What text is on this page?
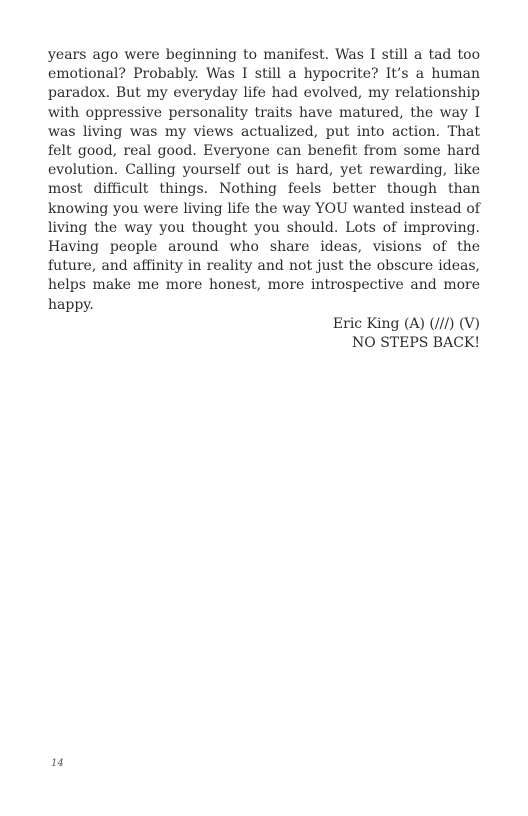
years ago were beginning to manifest. Was I still a tad too emotional? Probably. Was I still a hypocrite? It’s a human paradox. But my everyday life had evolved, my relationship with oppressive personality traits have matured, the way I was living was my views actualized, put into action. That felt good, real good. Everyone can benefit from some hard evolution. Calling yourself out is hard, yet rewarding, like most difficult things. Nothing feels better though than knowing you were living life the way YOU wanted instead of living the way you thought you should. Lots of improving. Having people around who share ideas, visions of the future, and affinity in reality and not just the obscure ideas, helps make me more honest, more introspective and more happy.

Eric King (A) (///) (V)
NO STEPS BACK!
14
